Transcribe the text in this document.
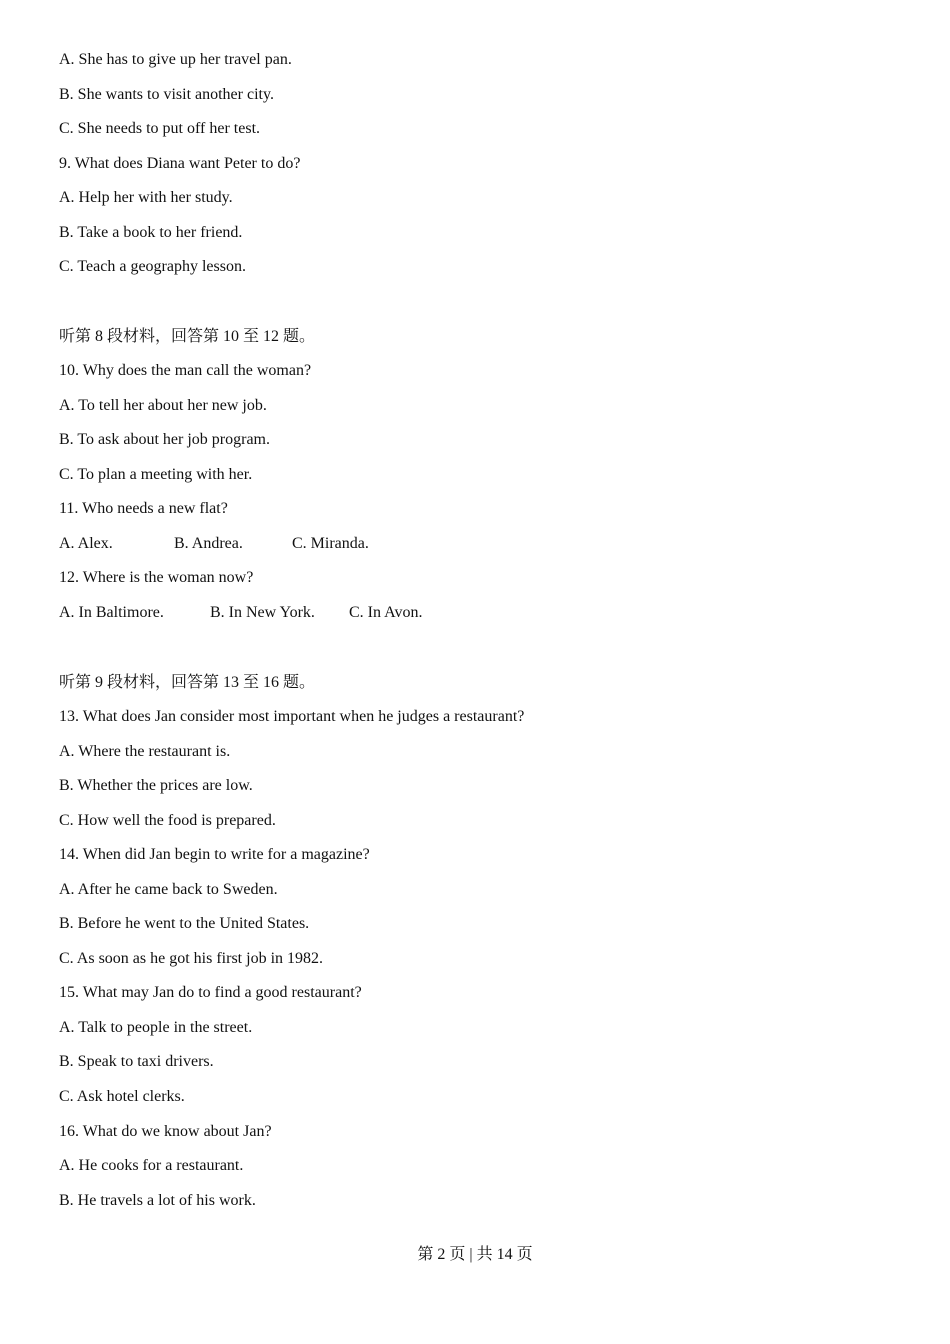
A. She has to give up her travel pan.
B. She wants to visit another city.
C. She needs to put off her test.
9. What does Diana want Peter to do?
A. Help her with her study.
B. Take a book to her friend.
C. Teach a geography lesson.
听第 8 段材料，回答第 10 至 12 题。
10. Why does the man call the woman?
A. To tell her about her new job.
B. To ask about her job program.
C. To plan a meeting with her.
11. Who needs a new flat?
A. Alex.	B. Andrea.	C. Miranda.
12. Where is the woman now?
A. In Baltimore.	B. In New York. C. In Avon.
听第 9 段材料，回答第 13 至 16 题。
13. What does Jan consider most important when he judges a restaurant?
A. Where the restaurant is.
B. Whether the prices are low.
C. How well the food is prepared.
14. When did Jan begin to write for a magazine?
A. After he came back to Sweden.
B. Before he went to the United States.
C. As soon as he got his first job in 1982.
15. What may Jan do to find a good restaurant?
A. Talk to people in the street.
B. Speak to taxi drivers.
C. Ask hotel clerks.
16. What do we know about Jan?
A. He cooks for a restaurant.
B. He travels a lot of his work.
第 2 页 | 共 14 页
